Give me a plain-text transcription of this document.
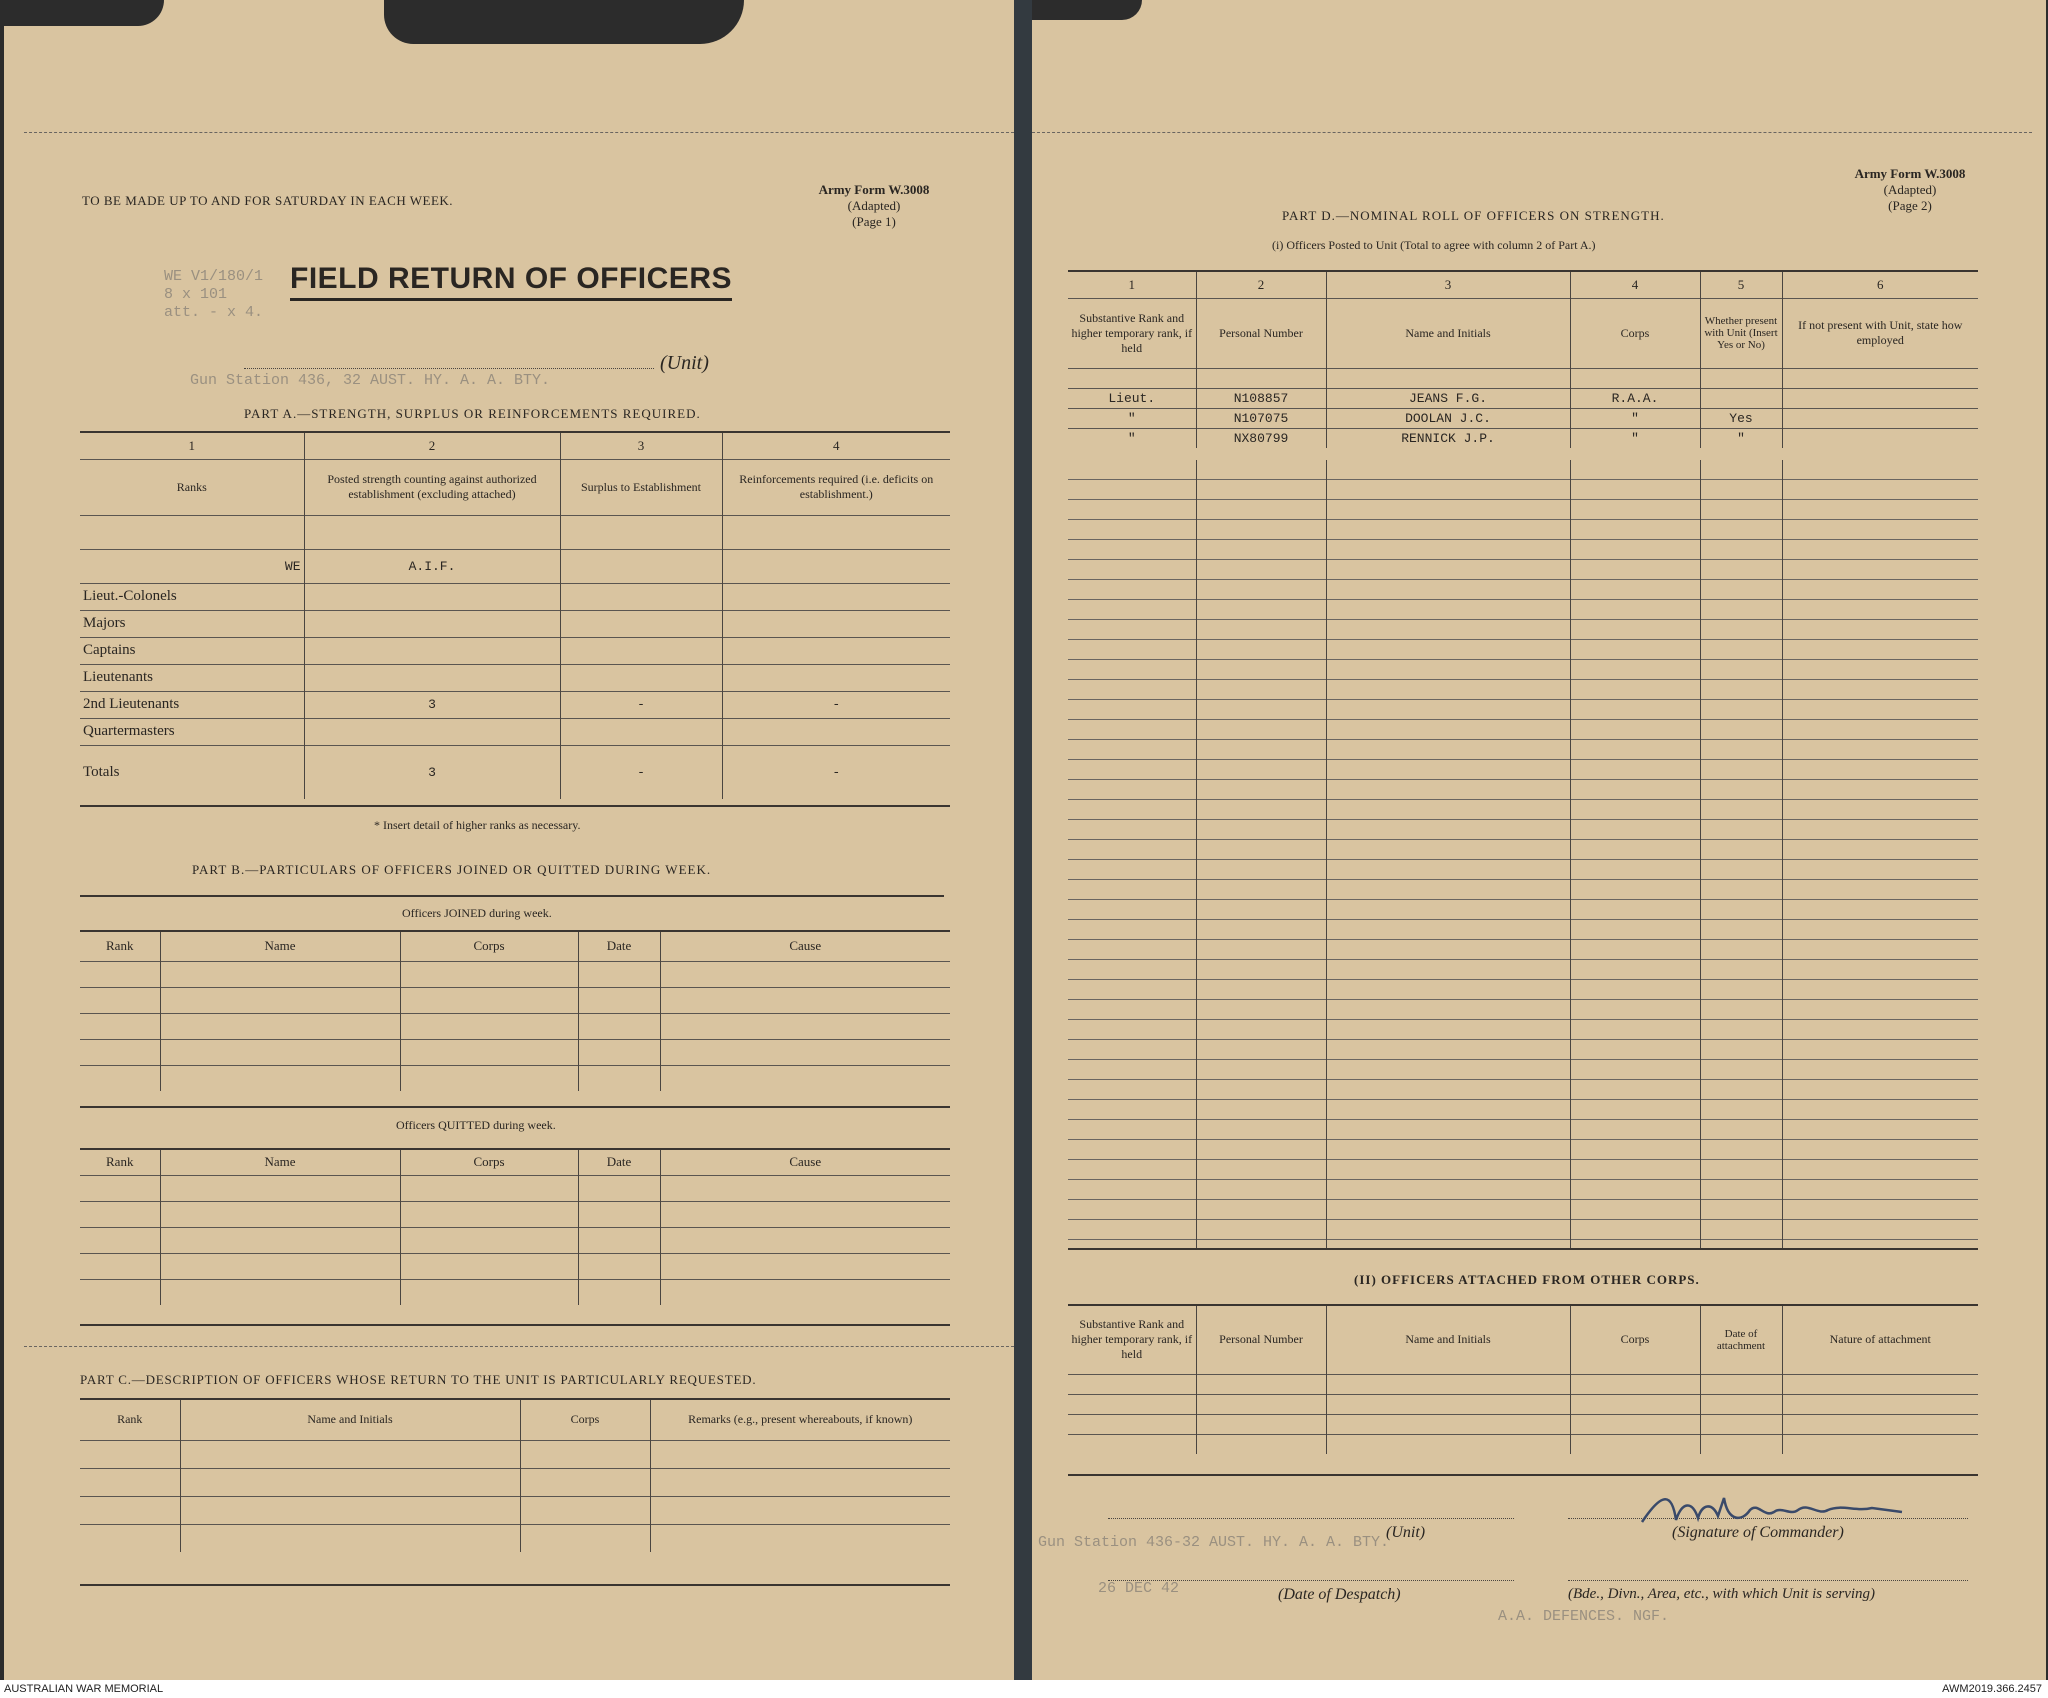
TO BE MADE UP TO AND FOR SATURDAY IN EACH WEEK.
Army Form W.3008
(Adapted)
(Page 1)
WE V1/180/1
8 x 101
att. - x 4.
FIELD RETURN OF OFFICERS
(Unit)
Gun Station 436, 32 AUST. HY. A. A. BTY.
PART A.—STRENGTH, SURPLUS OR REINFORCEMENTS REQUIRED.
1	2	3	4
Ranks	Posted strength counting against authorized establishment (excluding attached)	Surplus to Establishment	Reinforcements required (i.e. deficits on establishment.)

WE	A.I.F.		
Lieut.-Colonels			
Majors			
Captains			
Lieutenants			
2nd Lieutenants	3	-	-
Quartermasters			
Totals	3	-	-
* Insert detail of higher ranks as necessary.
PART B.—PARTICULARS OF OFFICERS JOINED OR QUITTED DURING WEEK.
Officers JOINED during week.
Rank	Name	Corps	Date	Cause

Officers QUITTED during week.
Rank	Name	Corps	Date	Cause

PART C.—DESCRIPTION OF OFFICERS WHOSE RETURN TO THE UNIT IS PARTICULARLY REQUESTED.
Rank	Name and Initials	Corps	Remarks (e.g., present whereabouts, if known)

Army Form W.3008
(Adapted)
(Page 2)
PART D.—NOMINAL ROLL OF OFFICERS ON STRENGTH.
(i) Officers Posted to Unit (Total to agree with column 2 of Part A.)
1	2	3	4	5	6
Substantive Rank and higher temporary rank, if held	Personal Number	Name and Initials	Corps	Whether present with Unit (Insert Yes or No)	If not present with Unit, state how employed

Lieut.	N108857	JEANS F.G.	R.A.A.		
"	N107075	DOOLAN J.C.	"	Yes	
"	NX80799	RENNICK J.P.	"	"	
(II) OFFICERS ATTACHED FROM OTHER CORPS.
Substantive Rank and higher temporary rank, if held	Personal Number	Name and Initials	Corps	Date of attachment	Nature of attachment

(Unit)
Gun Station 436-32 AUST. HY. A. A. BTY.
(Signature of Commander)
26 DEC 42	(Date of Despatch)	(Bde., Divn., Area, etc., with which Unit is serving)
A.A. DEFENCES. NGF.
AUSTRALIAN WAR MEMORIAL	AWM2019.366.2457
